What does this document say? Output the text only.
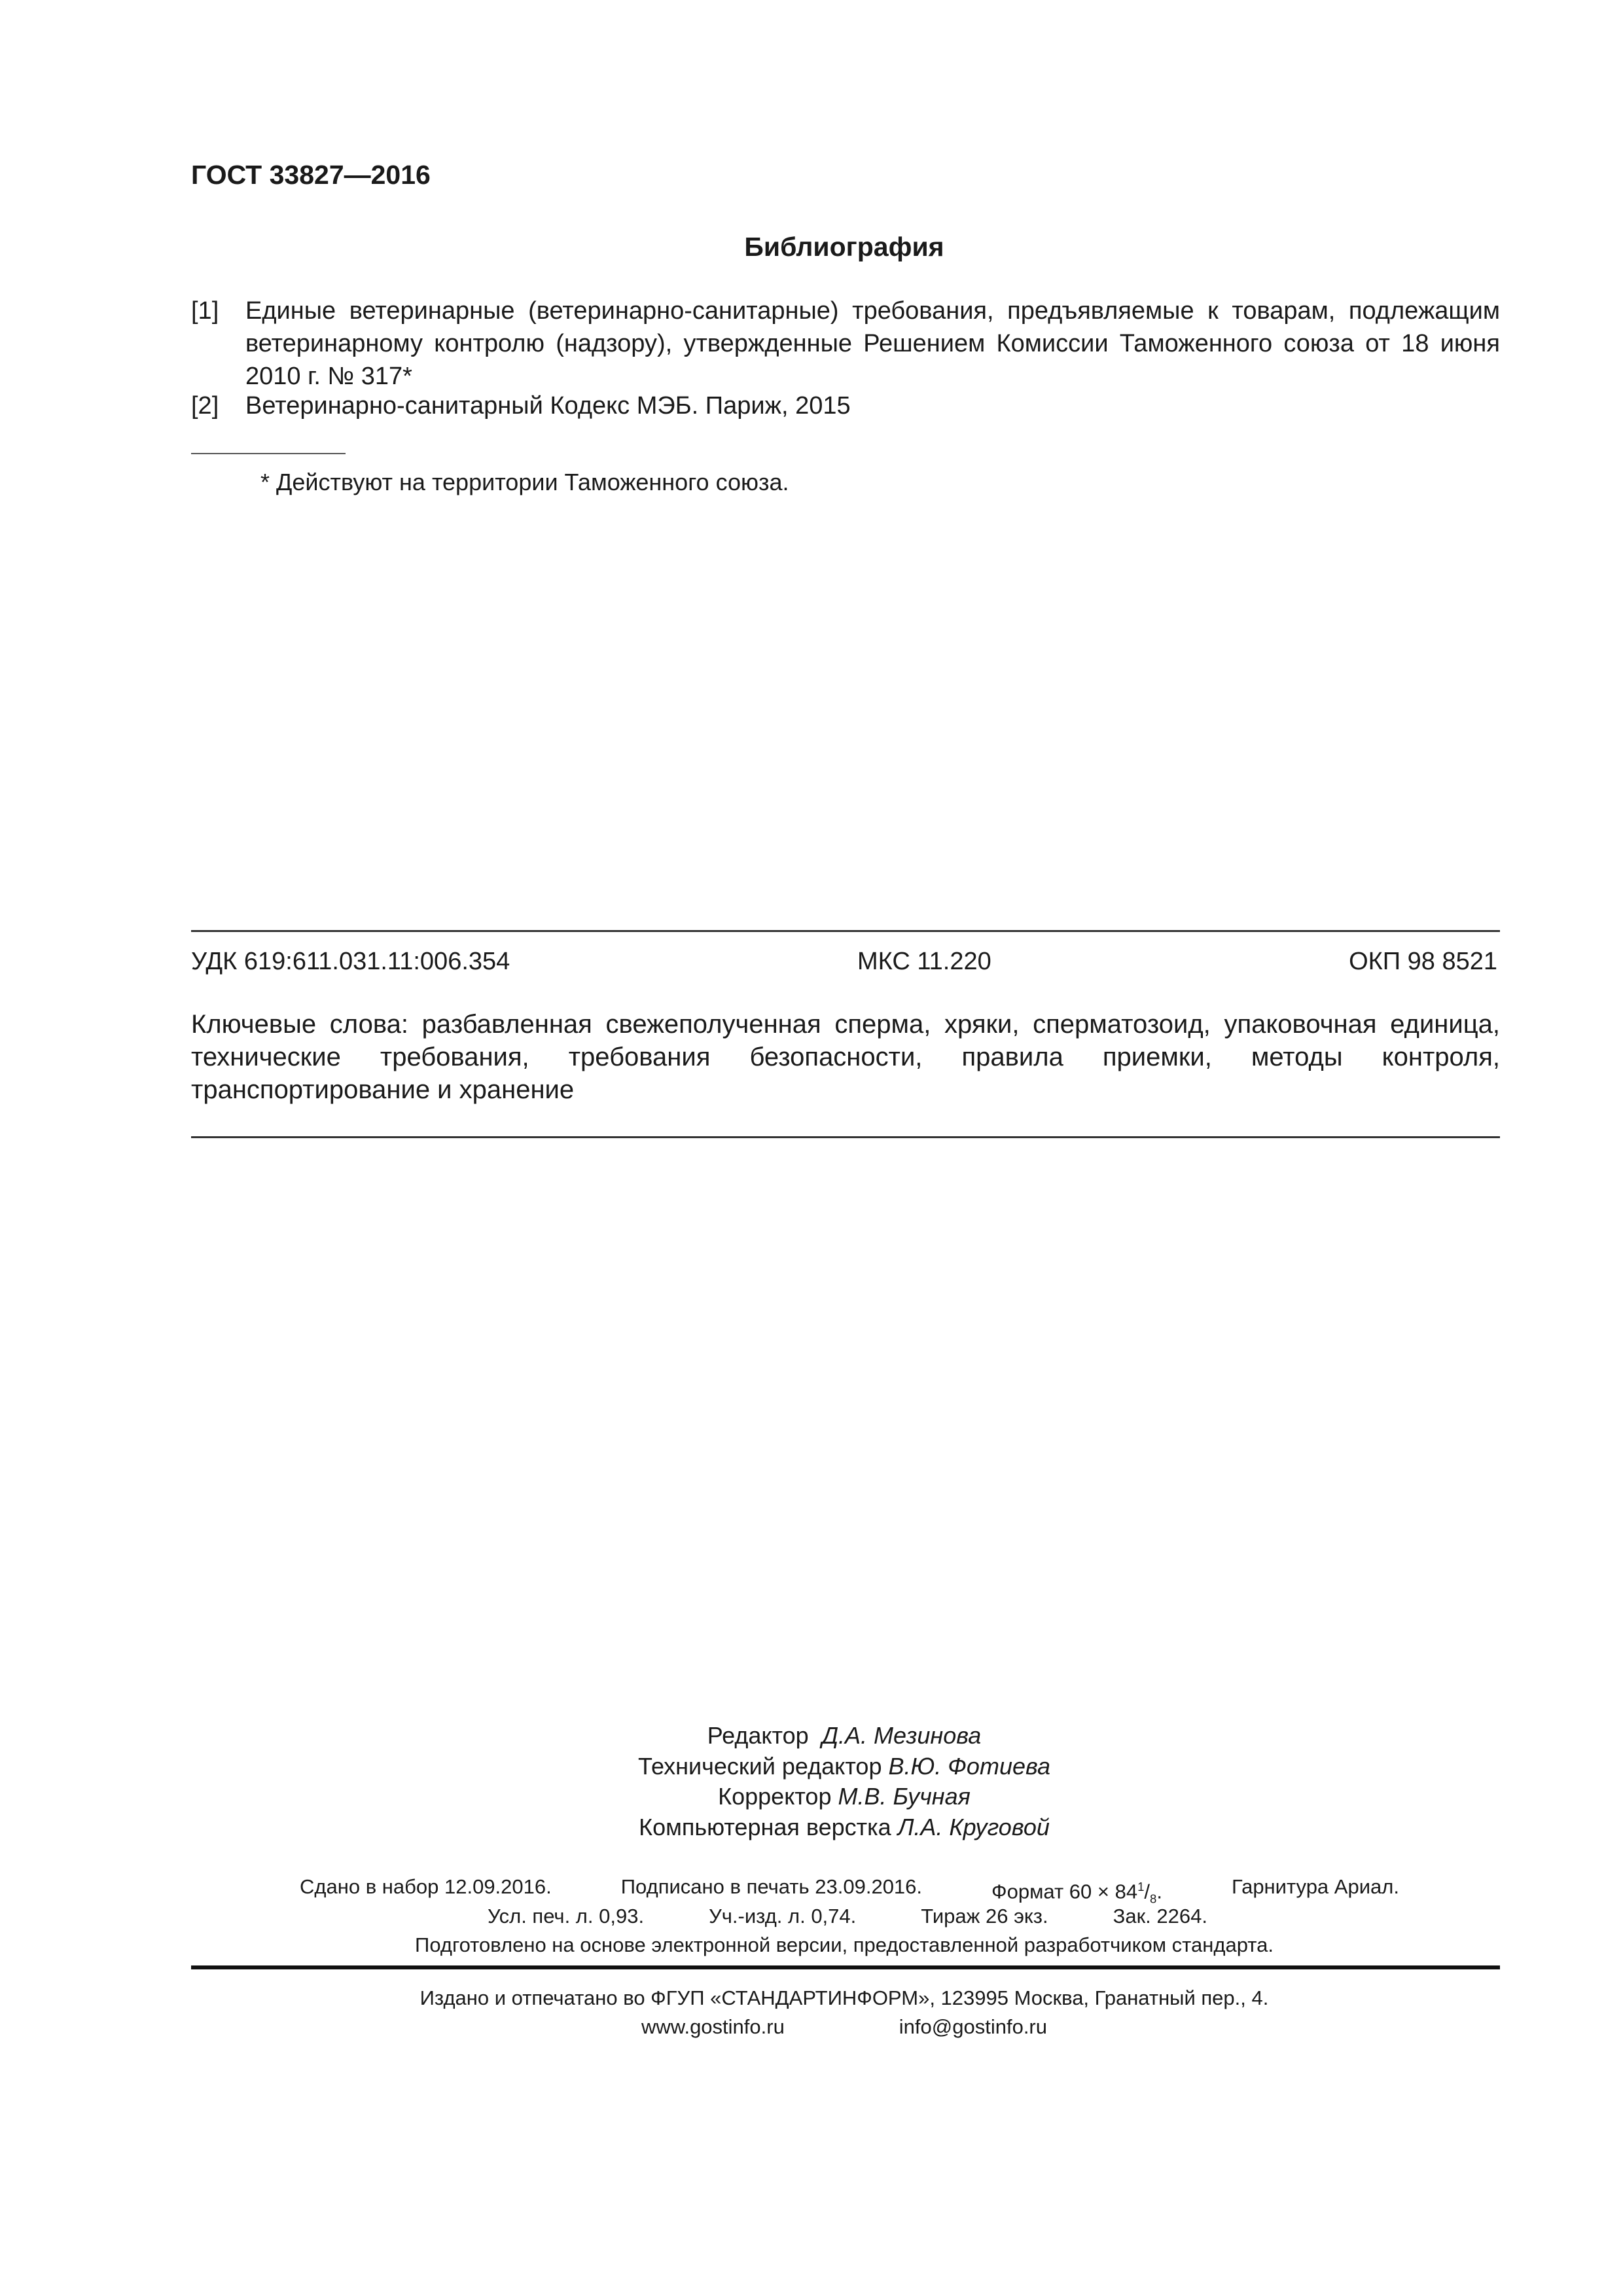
ГОСТ 33827—2016
Библиография
[1]	Единые ветеринарные (ветеринарно-санитарные) требования, предъявляемые к товарам, подлежащим ветеринарному контролю (надзору), утвержденные Решением Комиссии Таможенного союза от 18 июня 2010 г. № 317*
[2]	Ветеринарно-санитарный Кодекс МЭБ. Париж, 2015
* Действуют на территории Таможенного союза.
УДК 619:611.031.11:006.354	МКС 11.220	ОКП 98 8521
Ключевые слова: разбавленная свежеполученная сперма, хряки, сперматозоид, упаковочная единица, технические требования, требования безопасности, правила приемки, методы контроля, транспортирование и хранение
Редактор Д.А. Мезинова
Технический редактор В.Ю. Фотиева
Корректор М.В. Бучная
Компьютерная верстка Л.А. Круговой
Сдано в набор 12.09.2016.	Подписано в печать 23.09.2016.	Формат $60 \times 84^1/_8$.	Гарнитура Ариал.
Усл. печ. л. 0,93.	Уч.-изд. л. 0,74.	Тираж 26 экз.	Зак. 2264.
Подготовлено на основе электронной версии, предоставленной разработчиком стандарта.
Издано и отпечатано во ФГУП «СТАНДАРТИНФОРМ», 123995 Москва, Гранатный пер., 4.
www.gostinfo.ru	info@gostinfo.ru
